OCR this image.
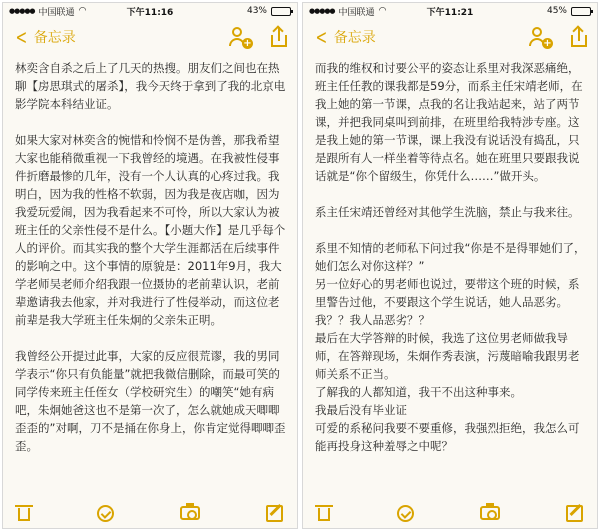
●●●●● 中国联通 ◠	下午11:16	43%
< 备忘录	+

林奕含自杀之后上了几天的热搜。朋友们之间也在热聊【房思琪式的屠杀】，我今天终于拿到了我的北京电影学院本科结业证。

如果大家对林奕含的惋惜和怜悯不是伪善，那我希望大家也能稍微重视一下我曾经的境遇。在我被性侵事件折磨最惨的几年，没有一个人认真的心疼过我。我明白，因为我的性格不软弱，因为我是夜店咖，因为我爱玩爱闹，因为我看起来不可怜，所以大家认为被班主任的父亲性侵不是什么。【小题大作】是几乎每个人的评价。而其实我的整个大学生涯都活在后续事件的影响之中。这个事情的原貌是：2011年9月，我大学老师吴老师介绍我跟一位摄协的老前辈认识，老前辈邀请我去他家，并对我进行了性侵举动，而这位老前辈是我大学班主任朱炯的父亲朱正明。

我曾经公开提过此事，大家的反应很荒谬，我的男同学表示“你只有负能量”就把我微信删除，而最可笑的同学传来班主任侄女（学校研究生）的嘲笑“她有病吧，朱炯她爸这也不是第一次了，怎么就她成天唧唧歪歪的”对啊，刀不是捅在你身上，你肯定觉得唧唧歪歪。

●●●●● 中国联通 ◠	下午11:21	45%
< 备忘录	+

而我的维权和讨要公平的姿态让系里对我深恶痛绝，班主任任教的课我都是59分，而系主任宋靖老师，在我上她的第一节课，点我的名让我站起来，站了两节课，并把我同桌叫到前排，在班里给我特涉专座。这是我上她的第一节课，课上我没有说话没有捣乱，只是跟所有人一样坐着等待点名。她在班里只要跟我说话就是“你个留级生，你凭什么……”做开头。

系主任宋靖还曾经对其他学生洗脑，禁止与我来往。

系里不知情的老师私下问过我“你是不是得罪她们了，她们怎么对你这样？”

另一位好心的男老师也说过，要带这个班的时候，系里警告过他，不要跟这个学生说话，她人品恶劣。

我？？我人品恶劣？？

最后在大学答辩的时候，我选了这位男老师做我导师，在答辩现场，朱炯作秀表演，污蔑暗喻我跟男老师关系不正当。

了解我的人都知道，我干不出这种事来。

我最后没有毕业证

可爱的系秘问我要不要重修，我强烈拒绝，我怎么可能再投身这种羞辱之中呢？
